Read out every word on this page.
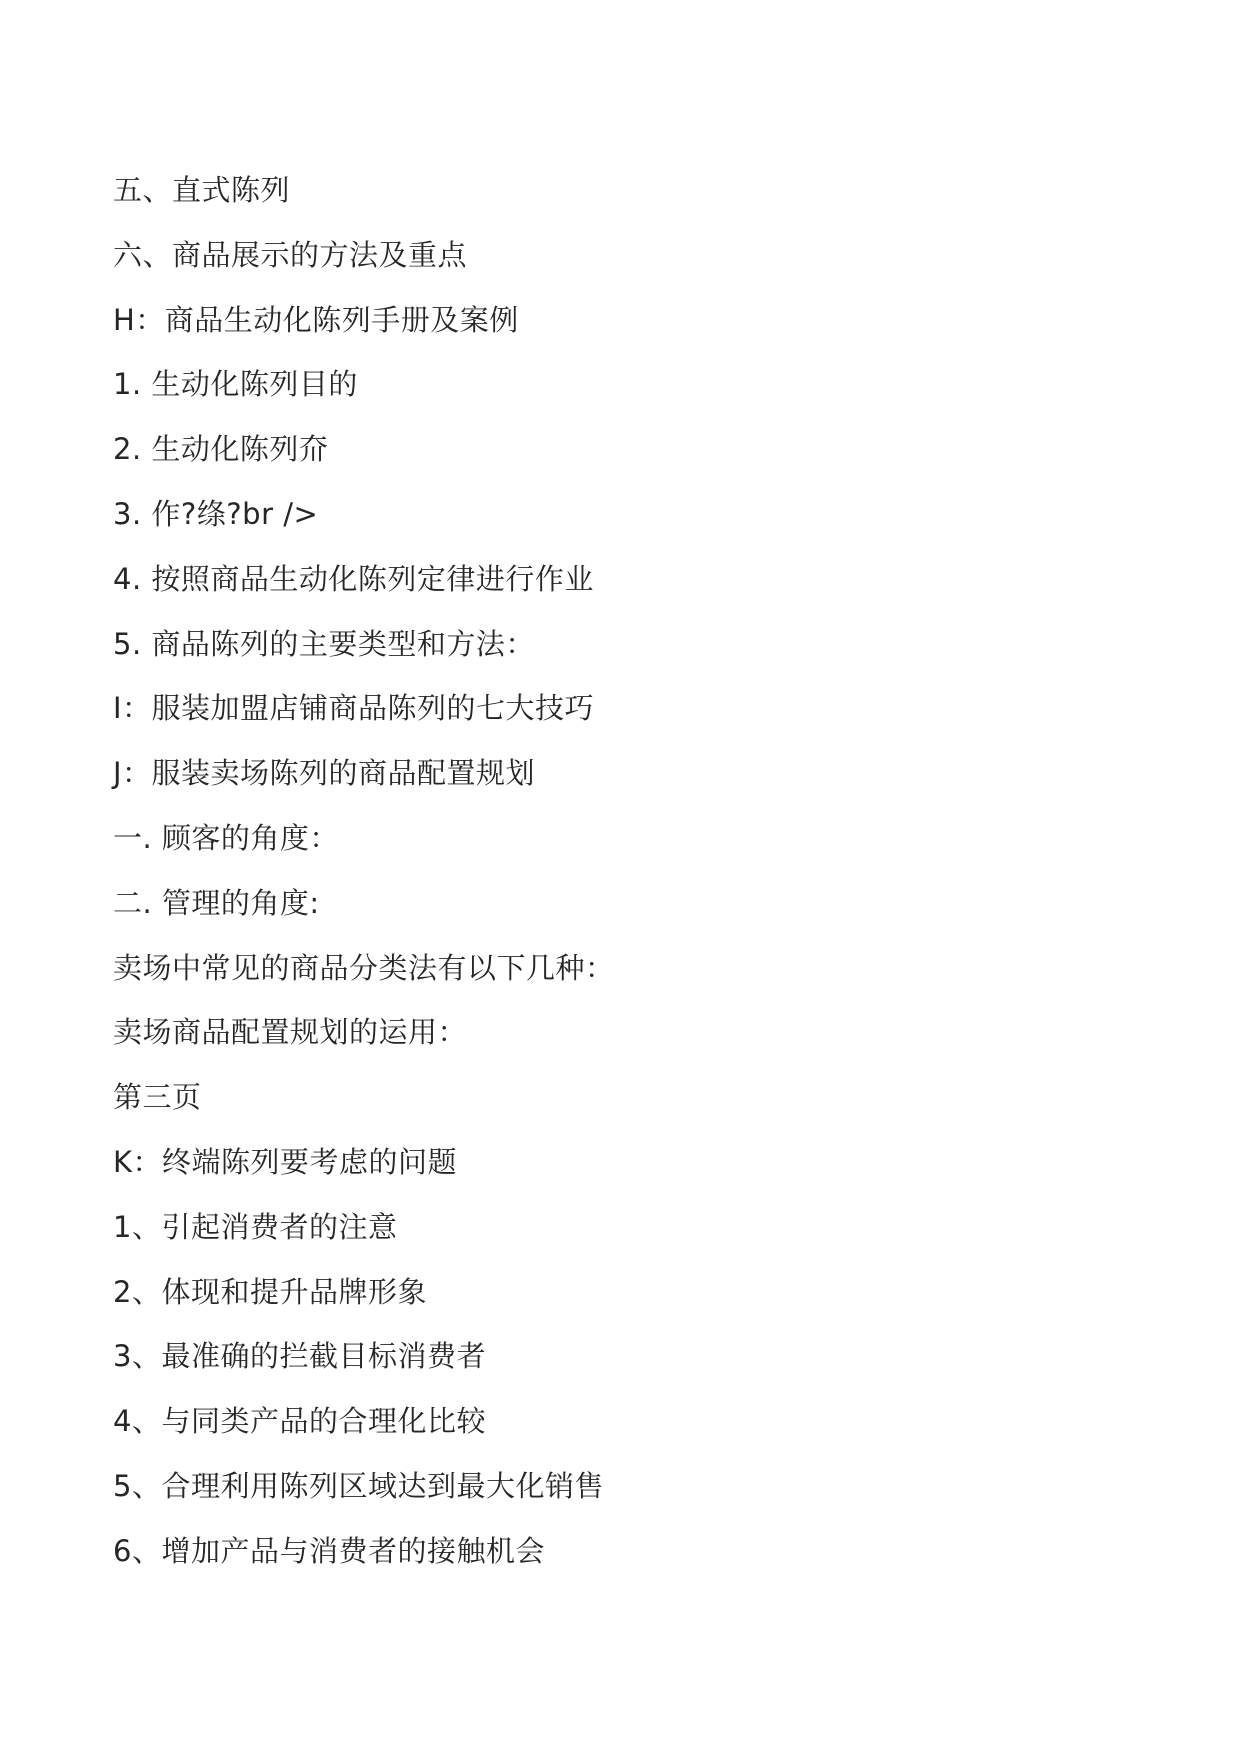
五、直式陈列
六、商品展示的方法及重点
H：商品生动化陈列手册及案例
1. 生动化陈列目的
2. 生动化陈列夼
3. 作?绦?br />
4. 按照商品生动化陈列定律进行作业
5. 商品陈列的主要类型和方法：
I：服装加盟店铺商品陈列的七大技巧
J：服装卖场陈列的商品配置规划
一. 顾客的角度：
二. 管理的角度:
卖场中常见的商品分类法有以下几种：
卖场商品配置规划的运用：
第三页
K：终端陈列要考虑的问题
1、引起消费者的注意
2、体现和提升品牌形象
3、最准确的拦截目标消费者
4、与同类产品的合理化比较
5、合理利用陈列区域达到最大化销售
6、增加产品与消费者的接触机会
